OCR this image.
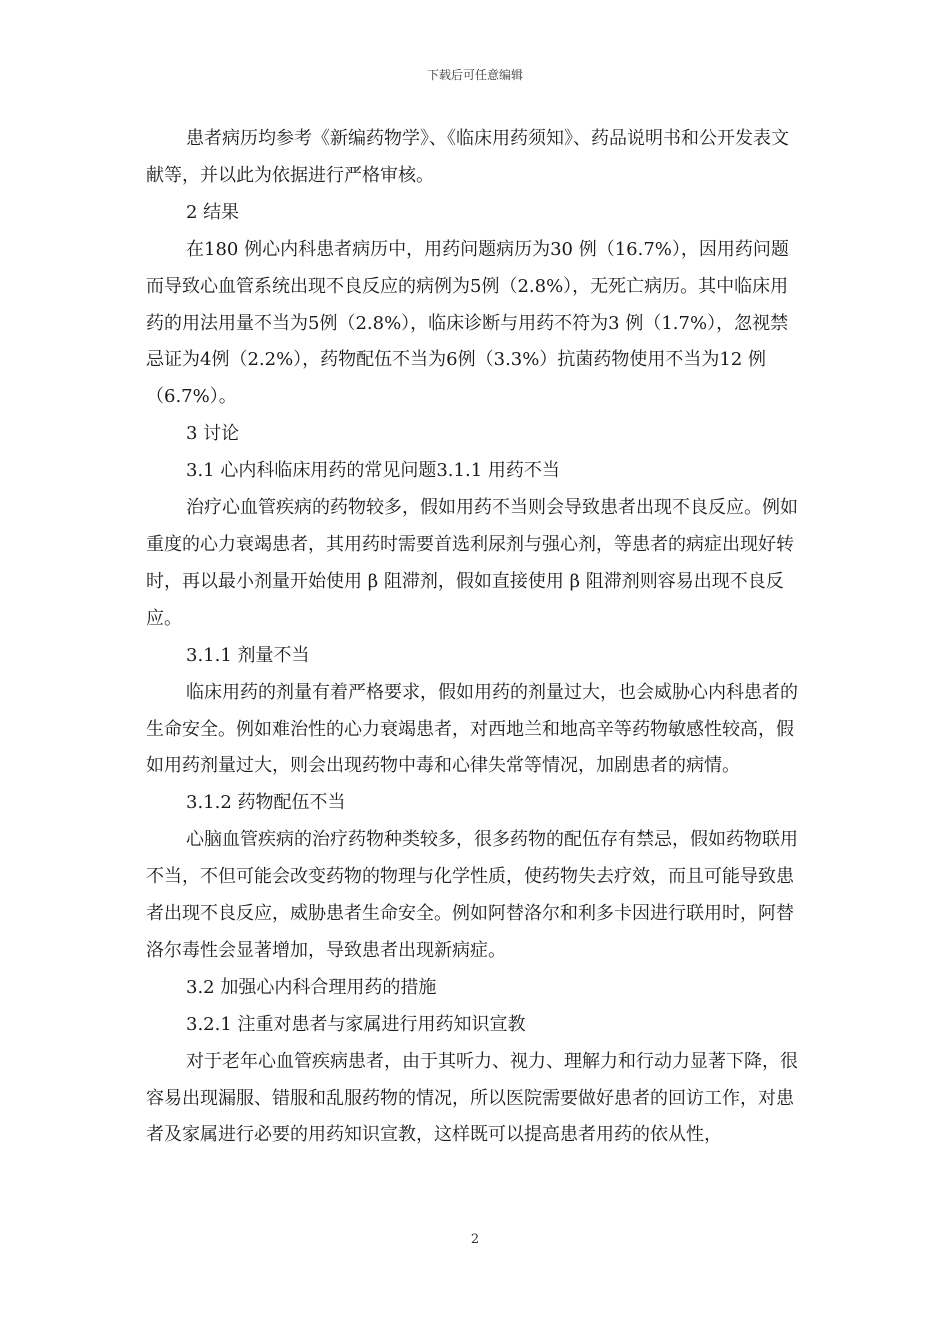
下载后可任意编辑

患者病历均参考《新编药物学》、《临床用药须知》、药品说明书和公开发表文献等，并以此为依据进行严格审核。

2 结果

在180 例心内科患者病历中，用药问题病历为30 例（16.7%），因用药问题而导致心血管系统出现不良反应的病例为5例（2.8%），无死亡病历。其中临床用药的用法用量不当为5例（2.8%），临床诊断与用药不符为3 例（1.7%），忽视禁忌证为4例（2.2%），药物配伍不当为6例（3.3%）抗菌药物使用不当为12 例（6.7%）。

3 讨论

3.1 心内科临床用药的常见问题3.1.1 用药不当

治疗心血管疾病的药物较多，假如用药不当则会导致患者出现不良反应。例如重度的心力衰竭患者，其用药时需要首选利尿剂与强心剂，等患者的病症出现好转时，再以最小剂量开始使用 β 阻滞剂，假如直接使用 β 阻滞剂则容易出现不良反应。

3.1.1 剂量不当

临床用药的剂量有着严格要求，假如用药的剂量过大，也会威胁心内科患者的生命安全。例如难治性的心力衰竭患者，对西地兰和地高辛等药物敏感性较高，假如用药剂量过大，则会出现药物中毒和心律失常等情况，加剧患者的病情。

3.1.2 药物配伍不当

心脑血管疾病的治疗药物种类较多，很多药物的配伍存有禁忌，假如药物联用不当，不但可能会改变药物的物理与化学性质，使药物失去疗效，而且可能导致患者出现不良反应，威胁患者生命安全。例如阿替洛尔和利多卡因进行联用时，阿替洛尔毒性会显著增加，导致患者出现新病症。

3.2 加强心内科合理用药的措施

3.2.1 注重对患者与家属进行用药知识宣教

对于老年心血管疾病患者，由于其听力、视力、理解力和行动力显著下降，很容易出现漏服、错服和乱服药物的情况，所以医院需要做好患者的回访工作，对患者及家属进行必要的用药知识宣教，这样既可以提高患者用药的依从性，

2
